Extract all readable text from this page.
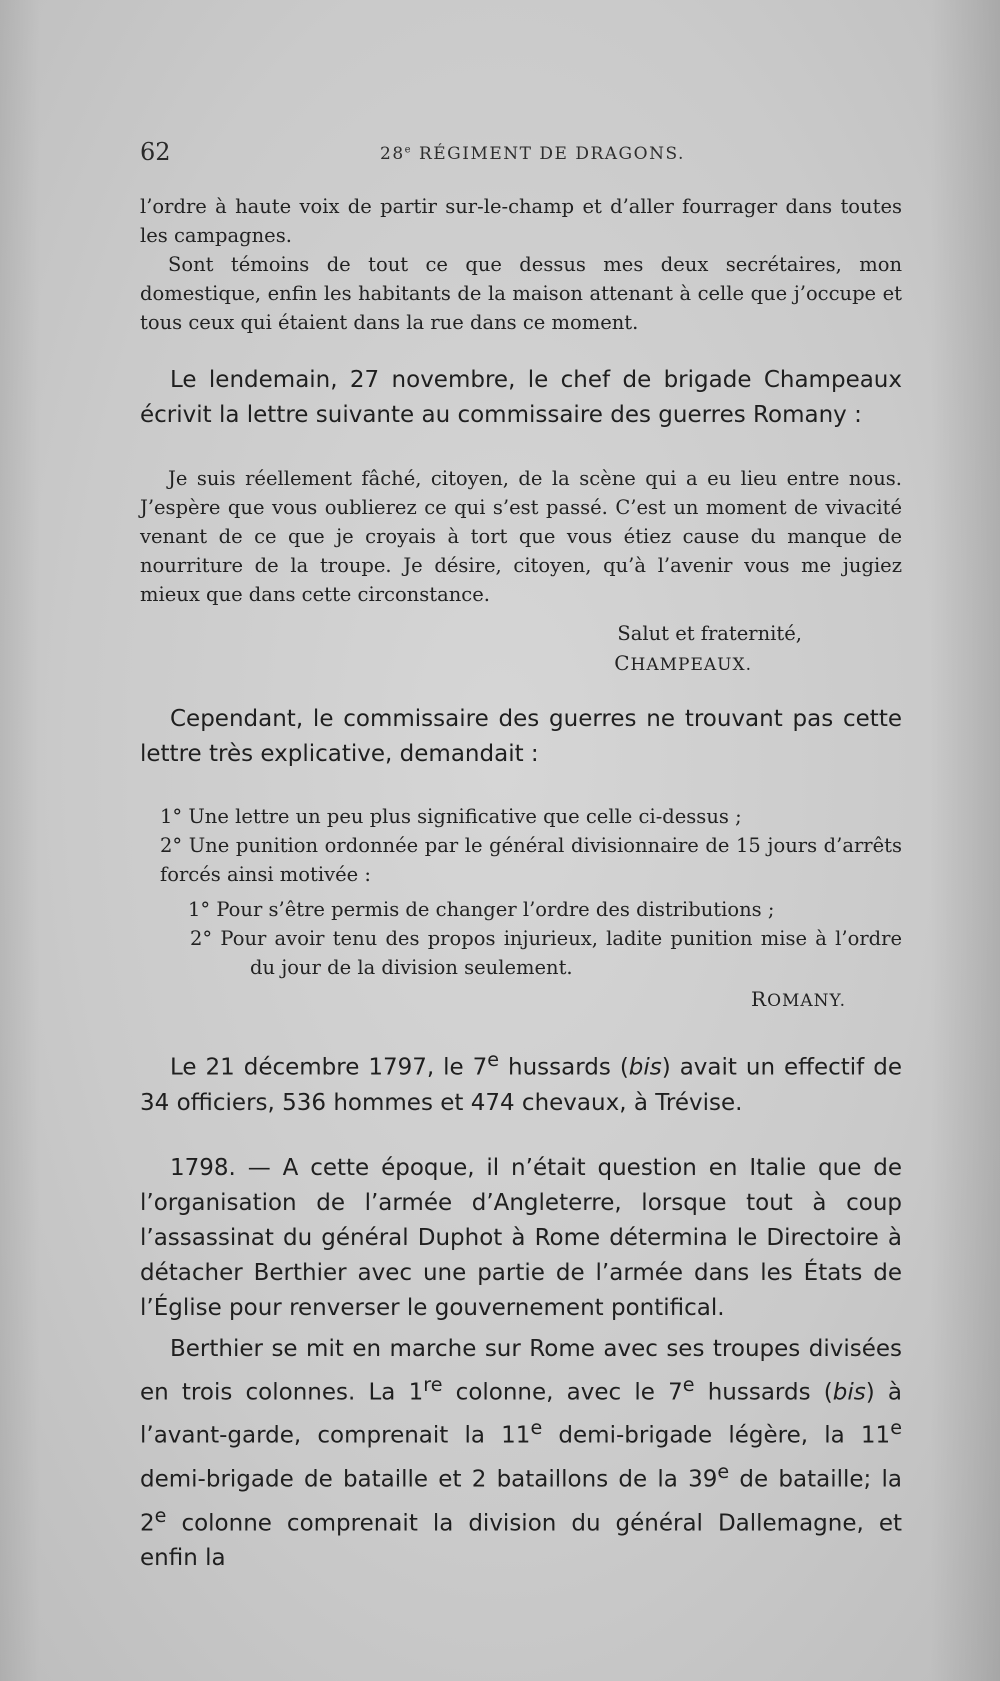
62	28e RÉGIMENT DE DRAGONS.

l’ordre à haute voix de partir sur-le-champ et d’aller fourrager dans toutes les campagnes.

Sont témoins de tout ce que dessus mes deux secrétaires, mon domestique, enfin les habitants de la maison attenant à celle que j’occupe et tous ceux qui étaient dans la rue dans ce moment.

Le lendemain, 27 novembre, le chef de brigade Champeaux écrivit la lettre suivante au commissaire des guerres Romany :

Je suis réellement fâché, citoyen, de la scène qui a eu lieu entre nous. J’espère que vous oublierez ce qui s’est passé. C’est un moment de vivacité venant de ce que je croyais à tort que vous étiez cause du manque de nourriture de la troupe. Je désire, citoyen, qu’à l’avenir vous me jugiez mieux que dans cette circonstance.

Salut et fraternité,

CHAMPEAUX.

Cependant, le commissaire des guerres ne trouvant pas cette lettre très explicative, demandait :

1° Une lettre un peu plus significative que celle ci-dessus ;

2° Une punition ordonnée par le général divisionnaire de 15 jours d’arrêts forcés ainsi motivée :

1° Pour s’être permis de changer l’ordre des distributions ;

2° Pour avoir tenu des propos injurieux, ladite punition mise à l’ordre du jour de la division seulement.

ROMANY.

Le 21 décembre 1797, le 7e hussards (bis) avait un effectif de 34 officiers, 536 hommes et 474 chevaux, à Trévise.

1798. — A cette époque, il n’était question en Italie que de l’organisation de l’armée d’Angleterre, lorsque tout à coup l’assassinat du général Duphot à Rome détermina le Directoire à détacher Berthier avec une partie de l’armée dans les États de l’Église pour renverser le gouvernement pontifical.

Berthier se mit en marche sur Rome avec ses troupes divisées en trois colonnes. La 1re colonne, avec le 7e hussards (bis) à l’avant-garde, comprenait la 11e demi-brigade légère, la 11e demi-brigade de bataille et 2 bataillons de la 39e de bataille; la 2e colonne comprenait la division du général Dallemagne, et enfin la
